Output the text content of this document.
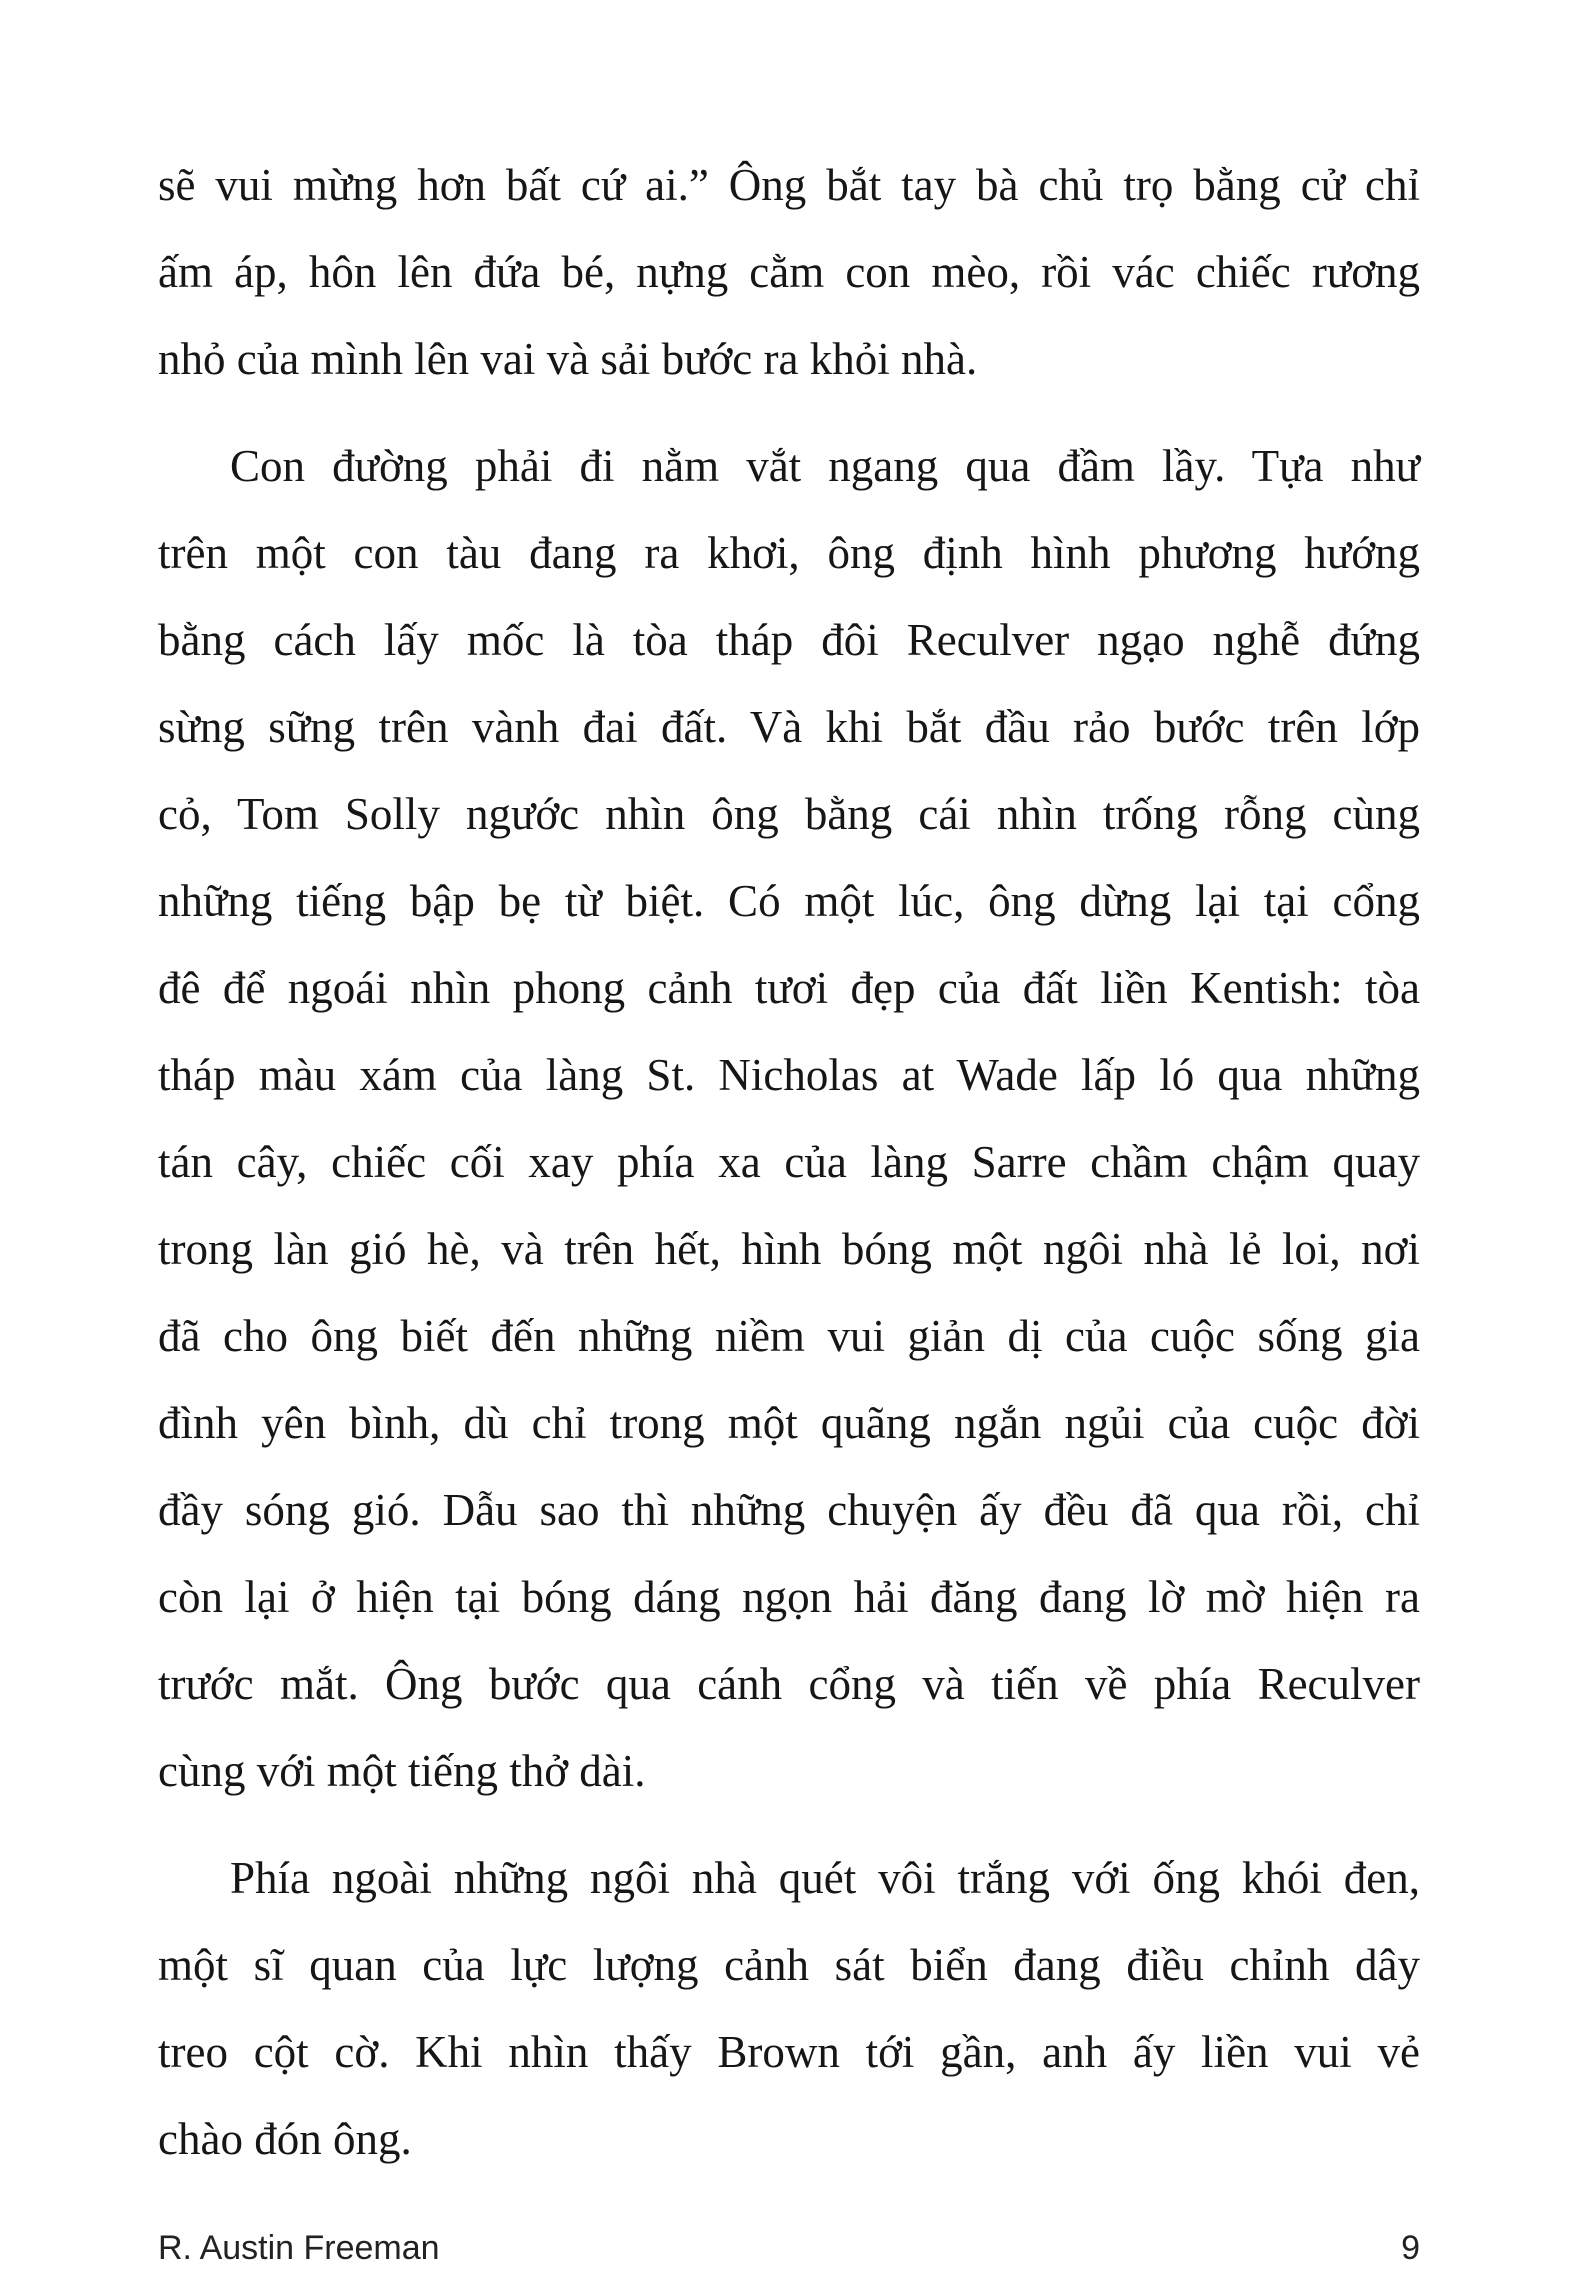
sẽ vui mừng hơn bất cứ ai.” Ông bắt tay bà chủ trọ bằng cử chỉ
ấm áp, hôn lên đứa bé, nựng cằm con mèo, rồi vác chiếc rương
nhỏ của mình lên vai và sải bước ra khỏi nhà.
Con đường phải đi nằm vắt ngang qua đầm lầy. Tựa như
trên một con tàu đang ra khơi, ông định hình phương hướng
bằng cách lấy mốc là tòa tháp đôi Reculver ngạo nghễ đứng
sừng sững trên vành đai đất. Và khi bắt đầu rảo bước trên lớp
cỏ, Tom Solly ngước nhìn ông bằng cái nhìn trống rỗng cùng
những tiếng bập bẹ từ biệt. Có một lúc, ông dừng lại tại cổng
đê để ngoái nhìn phong cảnh tươi đẹp của đất liền Kentish: tòa
tháp màu xám của làng St. Nicholas at Wade lấp ló qua những
tán cây, chiếc cối xay phía xa của làng Sarre chầm chậm quay
trong làn gió hè, và trên hết, hình bóng một ngôi nhà lẻ loi, nơi
đã cho ông biết đến những niềm vui giản dị của cuộc sống gia
đình yên bình, dù chỉ trong một quãng ngắn ngủi của cuộc đời
đầy sóng gió. Dẫu sao thì những chuyện ấy đều đã qua rồi, chỉ
còn lại ở hiện tại bóng dáng ngọn hải đăng đang lờ mờ hiện ra
trước mắt. Ông bước qua cánh cổng và tiến về phía Reculver
cùng với một tiếng thở dài.
Phía ngoài những ngôi nhà quét vôi trắng với ống khói đen,
một sĩ quan của lực lượng cảnh sát biển đang điều chỉnh dây
treo cột cờ. Khi nhìn thấy Brown tới gần, anh ấy liền vui vẻ
chào đón ông.
R. Austin Freeman	9
